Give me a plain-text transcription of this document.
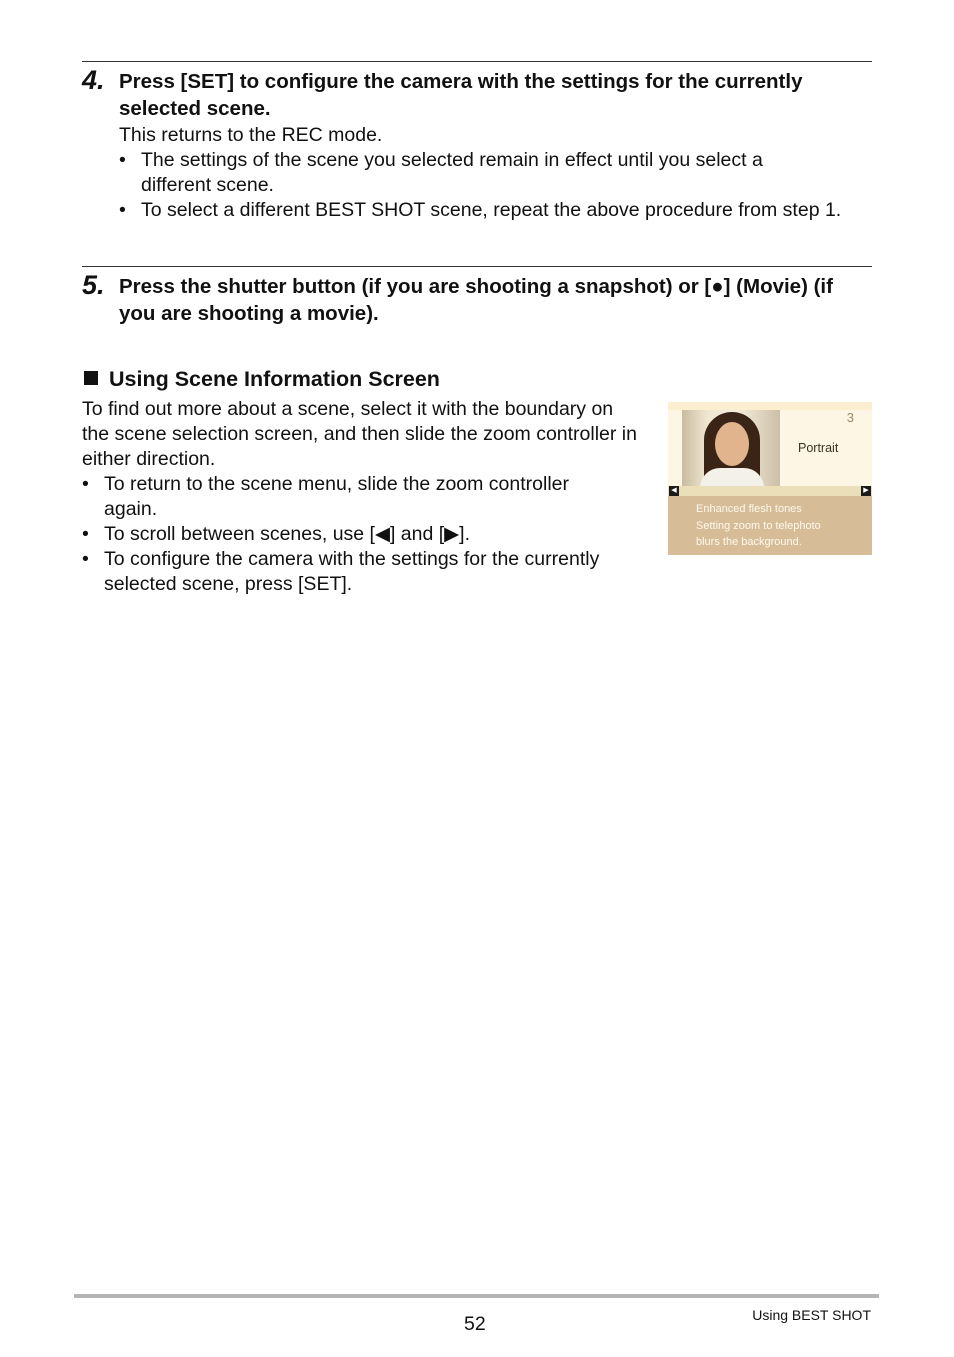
4. Press [SET] to configure the camera with the settings for the currently selected scene.
This returns to the REC mode.
• The settings of the scene you selected remain in effect until you select a different scene.
• To select a different BEST SHOT scene, repeat the above procedure from step 1.
5. Press the shutter button (if you are shooting a snapshot) or [●] (Movie) (if you are shooting a movie).
Using Scene Information Screen
To find out more about a scene, select it with the boundary on the scene selection screen, and then slide the zoom controller in either direction.
• To return to the scene menu, slide the zoom controller again.
• To scroll between scenes, use [◀] and [▶].
• To configure the camera with the settings for the currently selected scene, press [SET].
3
Portrait
◀	▶
Enhanced flesh tones
Setting zoom to telephoto
blurs the background.
52	Using BEST SHOT
